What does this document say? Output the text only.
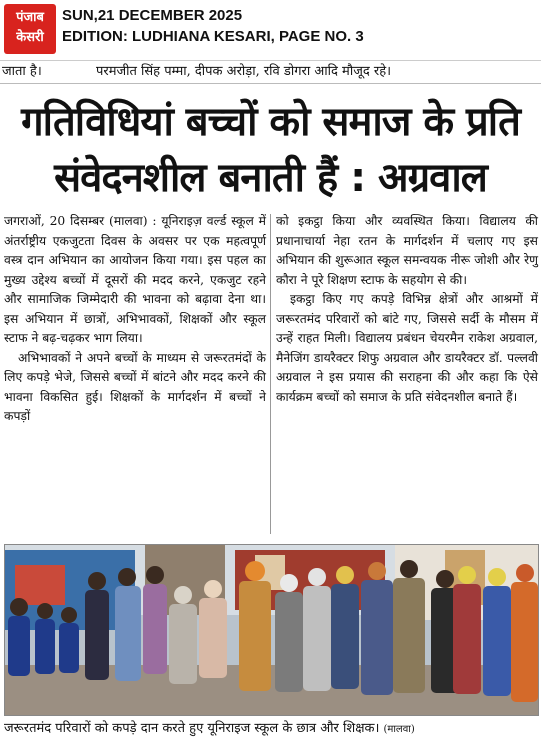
पंजाब
केसरी
SUN,21 DECEMBER 2025
EDITION: LUDHIANA KESARI, PAGE NO. 3
जाता है।	परमजीत सिंह पम्मा, दीपक अरोड़ा, रवि डोगरा आदि मौजूद रहे।
गतिविधियां बच्चों को समाज के प्रति
संवेदनशील बनाती हैं : अग्रवाल

जगराओं, 20 दिसम्बर (मालवा) : यूनिराइज़ वर्ल्ड स्कूल में अंतर्राष्ट्रीय एकजुटता दिवस के अवसर पर एक महत्वपूर्ण वस्त्र दान अभियान का आयोजन किया गया। इस पहल का मुख्य उद्देश्य बच्चों में दूसरों की मदद करने, एकजुट रहने और सामाजिक जिम्मेदारी की भावना को बढ़ावा देना था। इस अभियान में छात्रों, अभिभावकों, शिक्षकों और स्कूल स्टाफ ने बढ़-चढ़कर भाग लिया।

अभिभावकों ने अपने बच्चों के माध्यम से जरूरतमंदों के लिए कपड़े भेजे, जिससे बच्चों में बांटने और मदद करने की भावना विकसित हुई। शिक्षकों के मार्गदर्शन में बच्चों ने कपड़ों

को इकट्ठा किया और व्यवस्थित किया। विद्यालय की प्रधानाचार्या नेहा रतन के मार्गदर्शन में चलाए गए इस अभियान की शुरूआत स्कूल समन्वयक नीरू जोशी और रेणु कौरा ने पूरे शिक्षण स्टाफ के सहयोग से की।

इकट्ठा किए गए कपड़े विभिन्न क्षेत्रों और आश्रमों में जरूरतमंद परिवारों को बांटे गए, जिससे सर्दी के मौसम में उन्हें राहत मिली। विद्यालय प्रबंधन चेयरमैन राकेश अग्रवाल, मैनेजिंग डायरैक्टर शिफु अग्रवाल और डायरैक्टर डॉ. पल्लवी अग्रवाल ने इस प्रयास की सराहना की और कहा कि ऐसे कार्यक्रम बच्चों को समाज के प्रति संवेदनशील बनाते हैं।

जरूरतमंद परिवारों को कपड़े दान करते हुए यूनिराइज स्कूल के छात्र और शिक्षक। (मालवा)
